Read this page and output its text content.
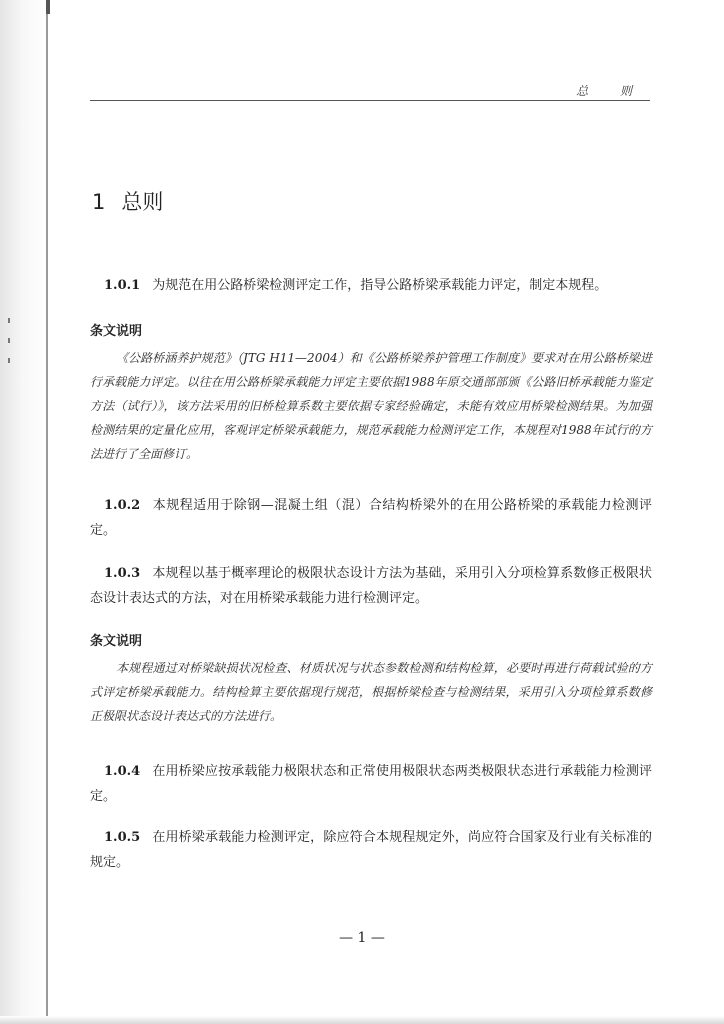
总 则
1 总则
1.0.1 为规范在用公路桥梁检测评定工作，指导公路桥梁承载能力评定，制定本规程。
条文说明
《公路桥涵养护规范》（JTG H11—2004）和《公路桥梁养护管理工作制度》要求对在用公路桥梁进行承载能力评定。以往在用公路桥梁承载能力评定主要依据1988年原交通部部颁《公路旧桥承载能力鉴定方法（试行）》，该方法采用的旧桥检算系数主要依据专家经验确定，未能有效应用桥梁检测结果。为加强检测结果的定量化应用，客观评定桥梁承载能力，规范承载能力检测评定工作，本规程对1988年试行的方法进行了全面修订。
1.0.2 本规程适用于除钢—混凝土组（混）合结构桥梁外的在用公路桥梁的承载能力检测评定。
1.0.3 本规程以基于概率理论的极限状态设计方法为基础，采用引入分项检算系数修正极限状态设计表达式的方法，对在用桥梁承载能力进行检测评定。
条文说明
本规程通过对桥梁缺损状况检查、材质状况与状态参数检测和结构检算，必要时再进行荷载试验的方式评定桥梁承载能力。结构检算主要依据现行规范，根据桥梁检查与检测结果，采用引入分项检算系数修正极限状态设计表达式的方法进行。
1.0.4 在用桥梁应按承载能力极限状态和正常使用极限状态两类极限状态进行承载能力检测评定。
1.0.5 在用桥梁承载能力检测评定，除应符合本规程规定外，尚应符合国家及行业有关标准的规定。
— 1 —
